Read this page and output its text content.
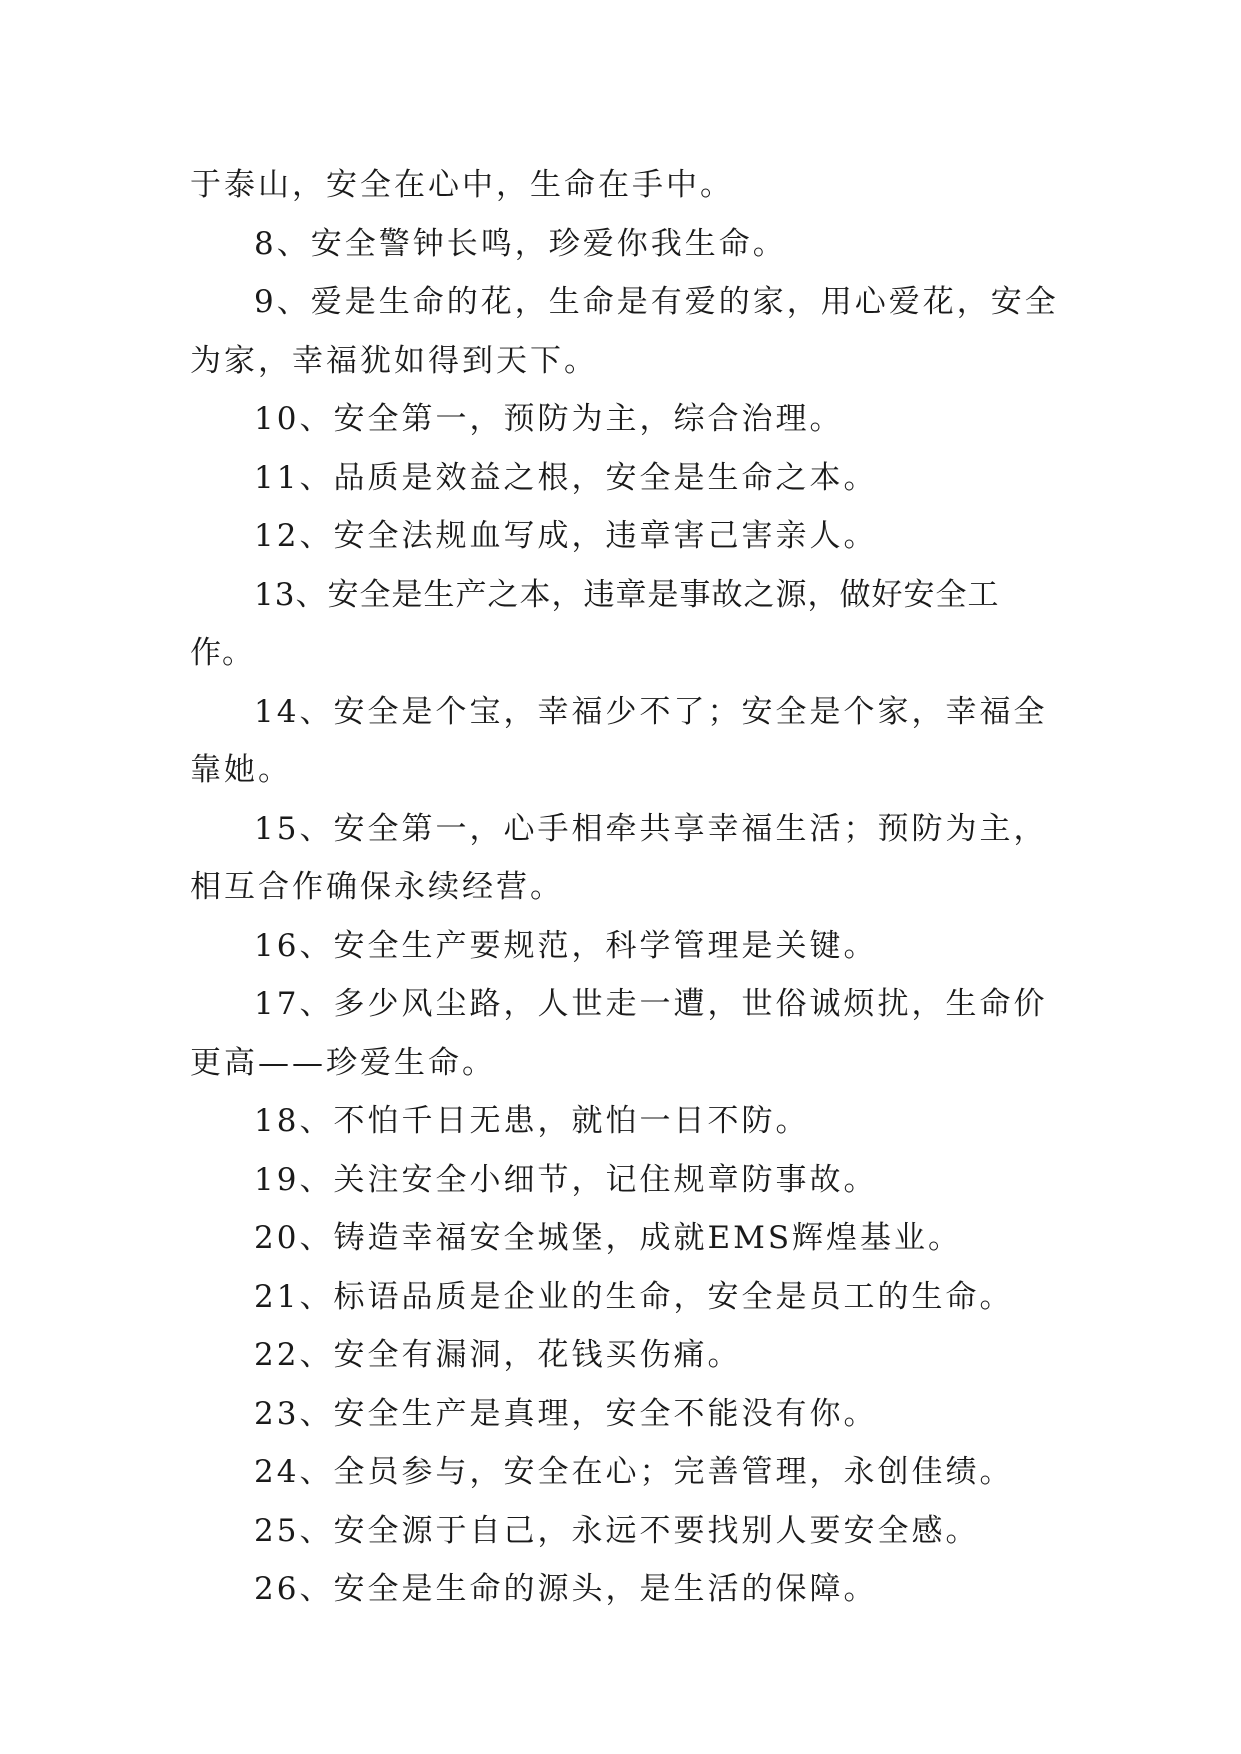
于泰山，安全在心中，生命在手中。

8、安全警钟长鸣，珍爱你我生命。

9、爱是生命的花，生命是有爱的家，用心爱花，安全为家，幸福犹如得到天下。

10、安全第一，预防为主，综合治理。

11、品质是效益之根，安全是生命之本。

12、安全法规血写成，违章害己害亲人。

13、安全是生产之本，违章是事故之源，做好安全工作。

14、安全是个宝，幸福少不了；安全是个家，幸福全靠她。

15、安全第一，心手相牵共享幸福生活；预防为主，相互合作确保永续经营。

16、安全生产要规范，科学管理是关键。

17、多少风尘路，人世走一遭，世俗诚烦扰，生命价更高——珍爱生命。

18、不怕千日无患，就怕一日不防。

19、关注安全小细节，记住规章防事故。

20、铸造幸福安全城堡，成就EMS辉煌基业。

21、标语品质是企业的生命，安全是员工的生命。

22、安全有漏洞，花钱买伤痛。

23、安全生产是真理，安全不能没有你。

24、全员参与，安全在心；完善管理，永创佳绩。

25、安全源于自己，永远不要找别人要安全感。

26、安全是生命的源头，是生活的保障。
